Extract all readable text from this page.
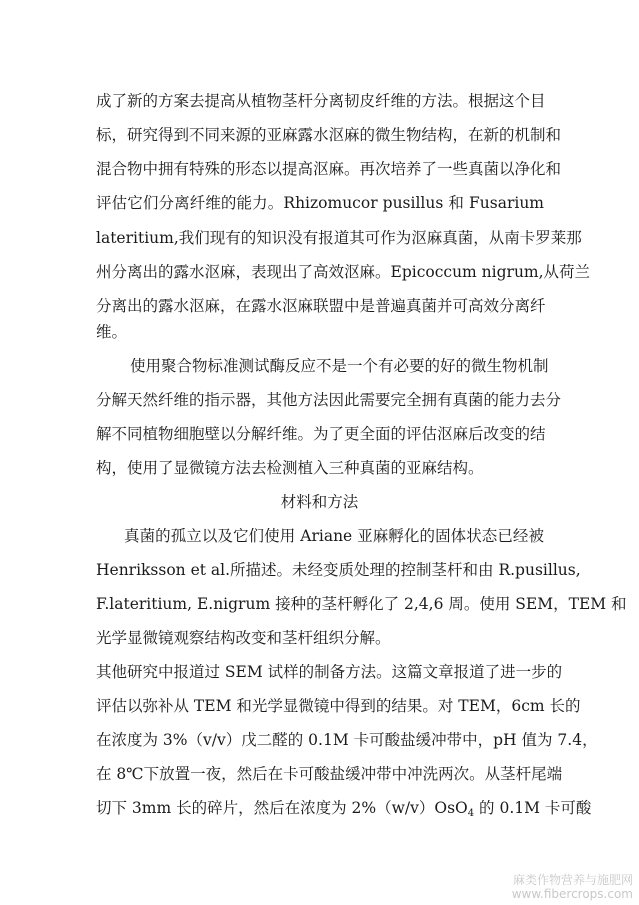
成了新的方案去提高从植物茎杆分离韧皮纤维的方法。根据这个目
标，研究得到不同来源的亚麻露水沤麻的微生物结构，在新的机制和
混合物中拥有特殊的形态以提高沤麻。再次培养了一些真菌以净化和
评估它们分离纤维的能力。Rhizomucor pusillus 和 Fusarium
lateritium,我们现有的知识没有报道其可作为沤麻真菌，从南卡罗莱那
州分离出的露水沤麻，表现出了高效沤麻。Epicoccum nigrum,从荷兰
分离出的露水沤麻，在露水沤麻联盟中是普遍真菌并可高效分离纤
维。
使用聚合物标准测试酶反应不是一个有必要的好的微生物机制
分解天然纤维的指示器，其他方法因此需要完全拥有真菌的能力去分
解不同植物细胞壁以分解纤维。为了更全面的评估沤麻后改变的结
构，使用了显微镜方法去检测植入三种真菌的亚麻结构。
材料和方法
真菌的孤立以及它们使用 Ariane 亚麻孵化的固体状态已经被
Henriksson et al.所描述。未经变质处理的控制茎杆和由 R.pusillus,
F.lateritium, E.nigrum 接种的茎杆孵化了 2,4,6 周。使用 SEM，TEM 和
光学显微镜观察结构改变和茎杆组织分解。
其他研究中报道过 SEM 试样的制备方法。这篇文章报道了进一步的
评估以弥补从 TEM 和光学显微镜中得到的结果。对 TEM，6cm 长的
在浓度为 3%（v/v）戊二醛的 0.1M 卡可酸盐缓冲带中，pH 值为 7.4，
在 8℃下放置一夜，然后在卡可酸盐缓冲带中冲洗两次。从茎杆尾端
切下 3mm 长的碎片，然后在浓度为 2%（w/v）OsO$_4$ 的 0.1M 卡可酸
麻类作物营养与施肥网
www.fibercrops.com
